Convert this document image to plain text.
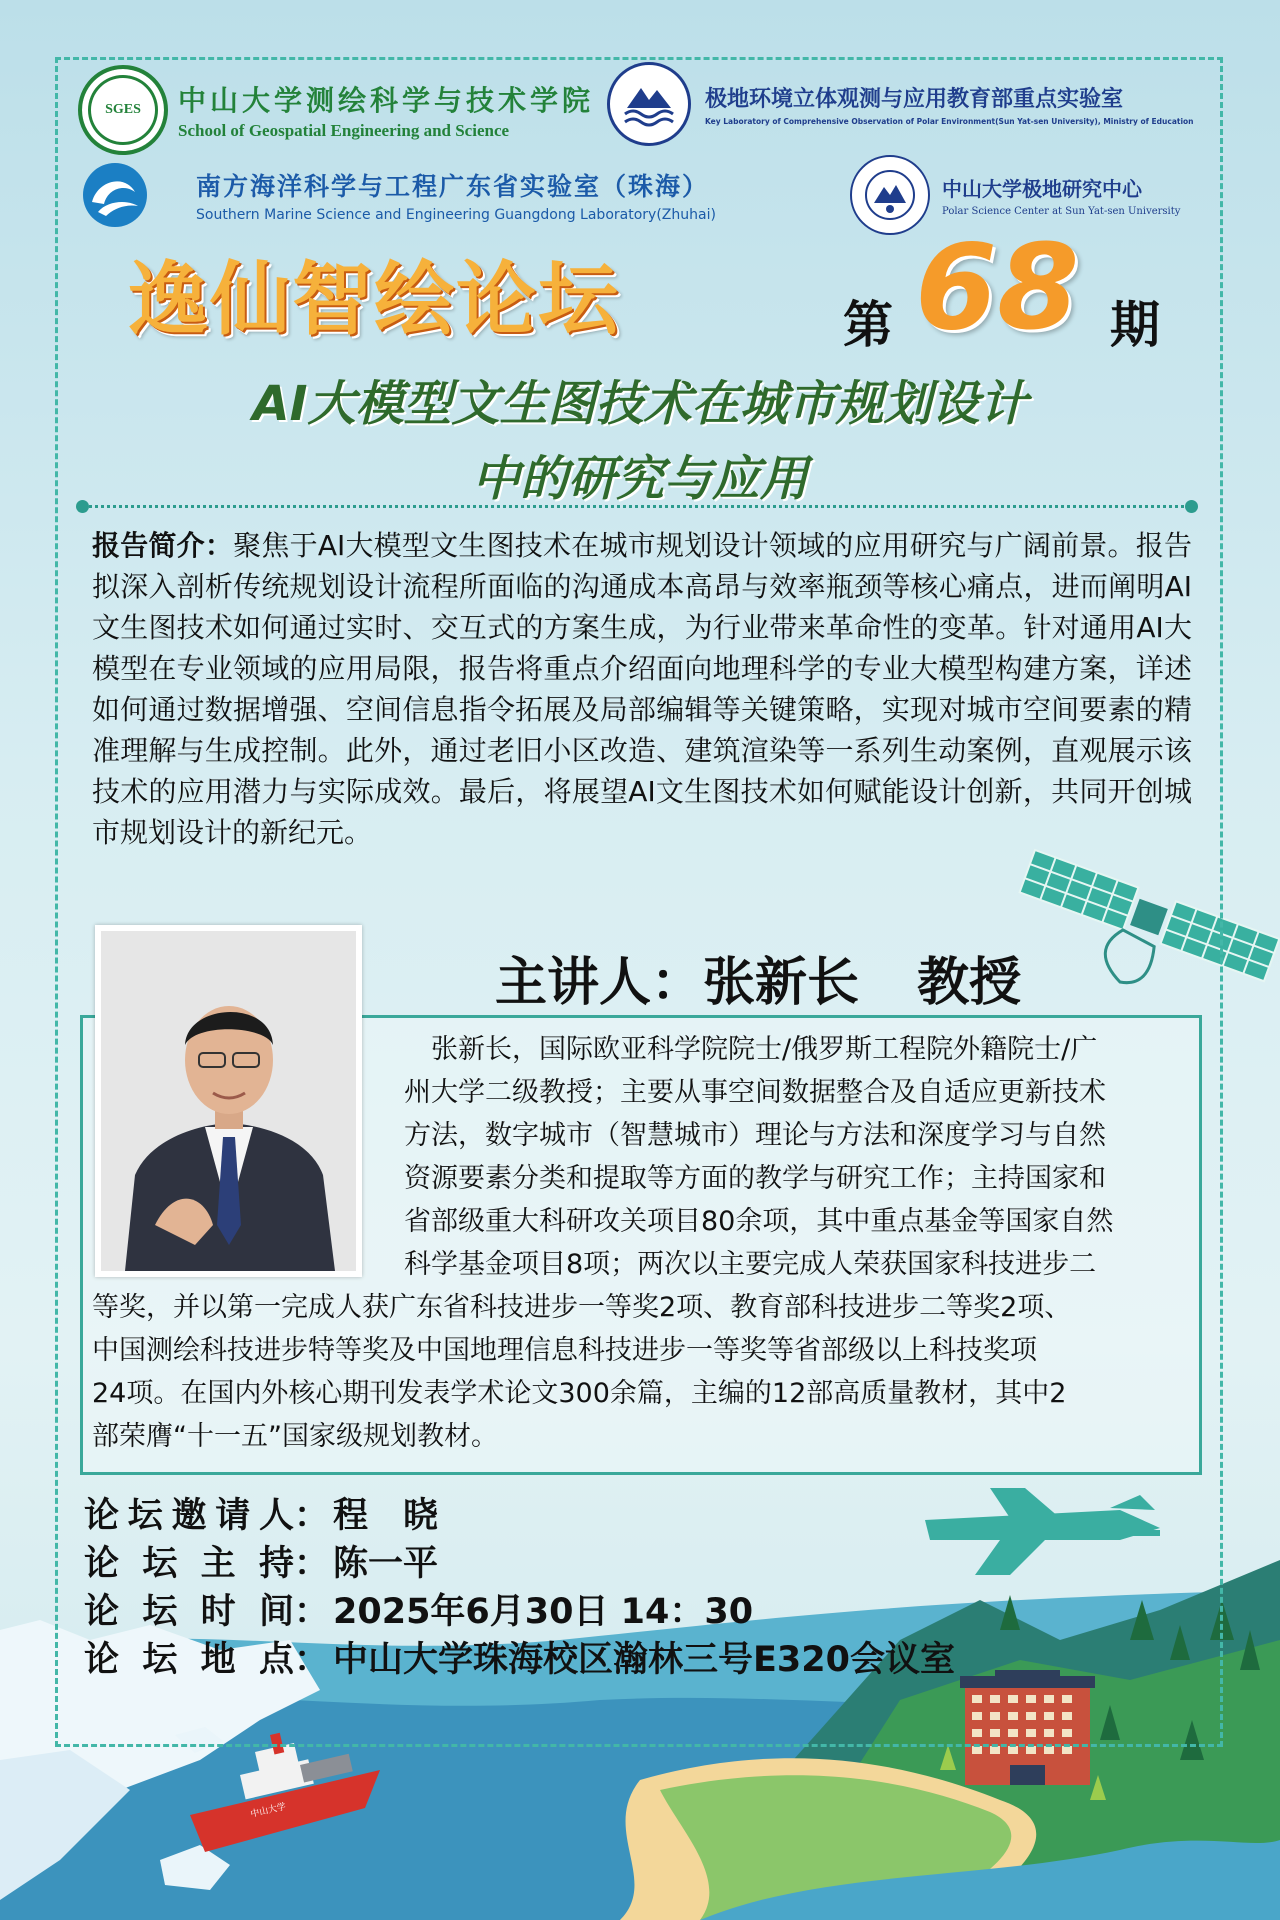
SGES 中山大学测绘科学与技术学院
School of Geospatial Engineering and Science
极地环境立体观测与应用教育部重点实验室
Key Laboratory of Comprehensive Observation of Polar Environment(Sun Yat-sen University), Ministry of Education
南方海洋科学与工程广东省实验室（珠海）
Southern Marine Science and Engineering Guangdong Laboratory(Zhuhai)
中山大学极地研究中心
Polar Science Center at Sun Yat-sen University
逸仙智绘论坛	第 68 期
AI大模型文生图技术在城市规划设计
中的研究与应用
报告简介：聚焦于AI大模型文生图技术在城市规划设计领域的应用研究与广阔前景。报告拟深入剖析传统规划设计流程所面临的沟通成本高昂与效率瓶颈等核心痛点，进而阐明AI文生图技术如何通过实时、交互式的方案生成，为行业带来革命性的变革。针对通用AI大模型在专业领域的应用局限，报告将重点介绍面向地理科学的专业大模型构建方案，详述如何通过数据增强、空间信息指令拓展及局部编辑等关键策略，实现对城市空间要素的精准理解与生成控制。此外，通过老旧小区改造、建筑渲染等一系列生动案例，直观展示该技术的应用潜力与实际成效。最后，将展望AI文生图技术如何赋能设计创新，共同开创城市规划设计的新纪元。
主讲人：张新长 教授
张新长，国际欧亚科学院院士/俄罗斯工程院外籍院士/广
州大学二级教授；主要从事空间数据整合及自适应更新技术
方法，数字城市（智慧城市）理论与方法和深度学习与自然
资源要素分类和提取等方面的教学与研究工作；主持国家和
省部级重大科研攻关项目80余项，其中重点基金等国家自然
科学基金项目8项；两次以主要完成人荣获国家科技进步二
等奖，并以第一完成人获广东省科技进步一等奖2项、教育部科技进步二等奖2项、
中国测绘科技进步特等奖及中国地理信息科技进步一等奖等省部级以上科技奖项
24项。在国内外核心期刊发表学术论文300余篇，主编的12部高质量教材，其中2
部荣膺“十一五”国家级规划教材。
论坛邀请人： 程　晓
论坛主持： 陈一平
论坛时间： 2025年6月30日 14：30
论坛地点： 中山大学珠海校区瀚林三号E320会议室
中山大学
